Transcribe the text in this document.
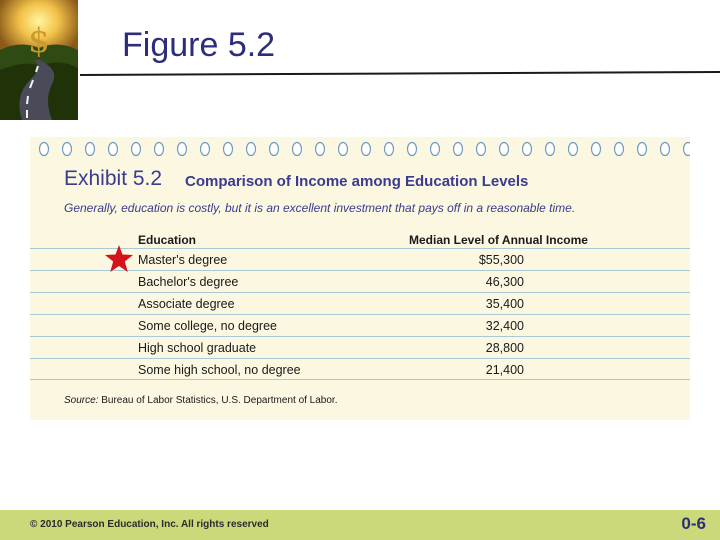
$ Figure 5.2
Exhibit 5.2 Comparison of Income among Education Levels
Generally, education is costly, but it is an excellent investment that pays off in a reasonable time.
Education	Median Level of Annual Income
Master's degree	$55,300
Bachelor's degree	46,300
Associate degree	35,400
Some college, no degree	32,400
High school graduate	28,800
Some high school, no degree	21,400
Source: Bureau of Labor Statistics, U.S. Department of Labor.
© 2010 Pearson Education, Inc. All rights reserved	0-6
